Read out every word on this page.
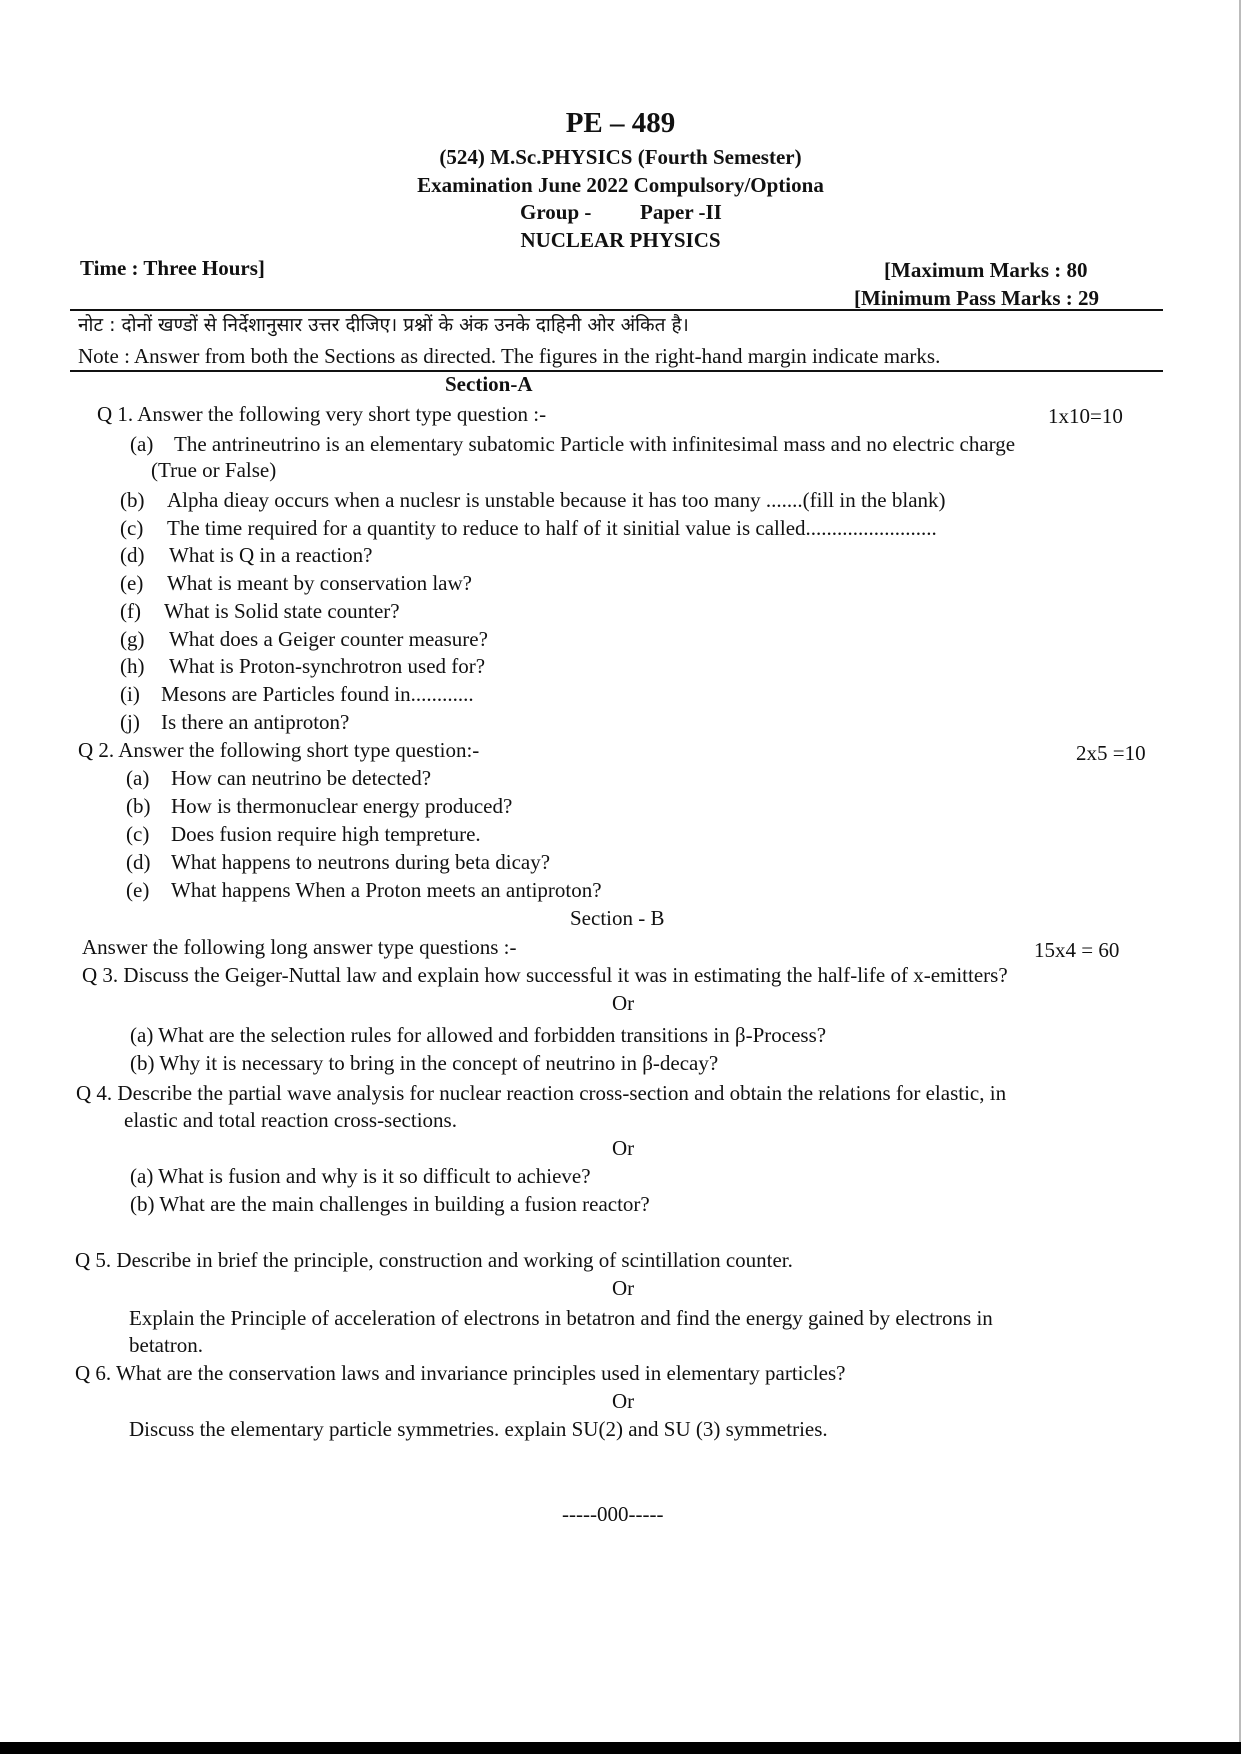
PE – 489
(524) M.Sc.PHYSICS (Fourth Semester)
Examination June 2022 Compulsory/Optiona
Group - Paper -II
NUCLEAR PHYSICS
Time : Three Hours]	[Maximum Marks : 80
[Minimum Pass Marks : 29
नोट : दोनों खण्डों से निर्देशानुसार उत्तर दीजिए। प्रश्नों के अंक उनके दाहिनी ओर अंकित है।
Note : Answer from both the Sections as directed. The figures in the right-hand margin indicate marks.
Section-A
Q 1. Answer the following very short type question :-	1x10=10
(a) The antrineutrino is an elementary subatomic Particle with infinitesimal mass and no electric charge
(True or False)
(b) Alpha dieay occurs when a nuclesr is unstable because it has too many .......(fill in the blank)
(c) The time required for a quantity to reduce to half of it sinitial value is called.........................
(d) What is Q in a reaction?
(e) What is meant by conservation law?
(f) What is Solid state counter?
(g) What does a Geiger counter measure?
(h) What is Proton-synchrotron used for?
(i) Mesons are Particles found in............
(j) Is there an antiproton?
Q 2. Answer the following short type question:-	2x5 =10
(a) How can neutrino be detected?
(b) How is thermonuclear energy produced?
(c) Does fusion require high tempreture.
(d) What happens to neutrons during beta dicay?
(e) What happens When a Proton meets an antiproton?
Section - B
Answer the following long answer type questions :-	15x4 = 60
Q 3. Discuss the Geiger-Nuttal law and explain how successful it was in estimating the half-life of x-emitters?
Or
(a) What are the selection rules for allowed and forbidden transitions in β-Process?
(b) Why it is necessary to bring in the concept of neutrino in β-decay?
Q 4. Describe the partial wave analysis for nuclear reaction cross-section and obtain the relations for elastic, in
elastic and total reaction cross-sections.
Or
(a) What is fusion and why is it so difficult to achieve?
(b) What are the main challenges in building a fusion reactor?
Q 5. Describe in brief the principle, construction and working of scintillation counter.
Or
Explain the Principle of acceleration of electrons in betatron and find the energy gained by electrons in
betatron.
Q 6. What are the conservation laws and invariance principles used in elementary particles?
Or
Discuss the elementary particle symmetries. explain SU(2) and SU (3) symmetries.
-----000-----
